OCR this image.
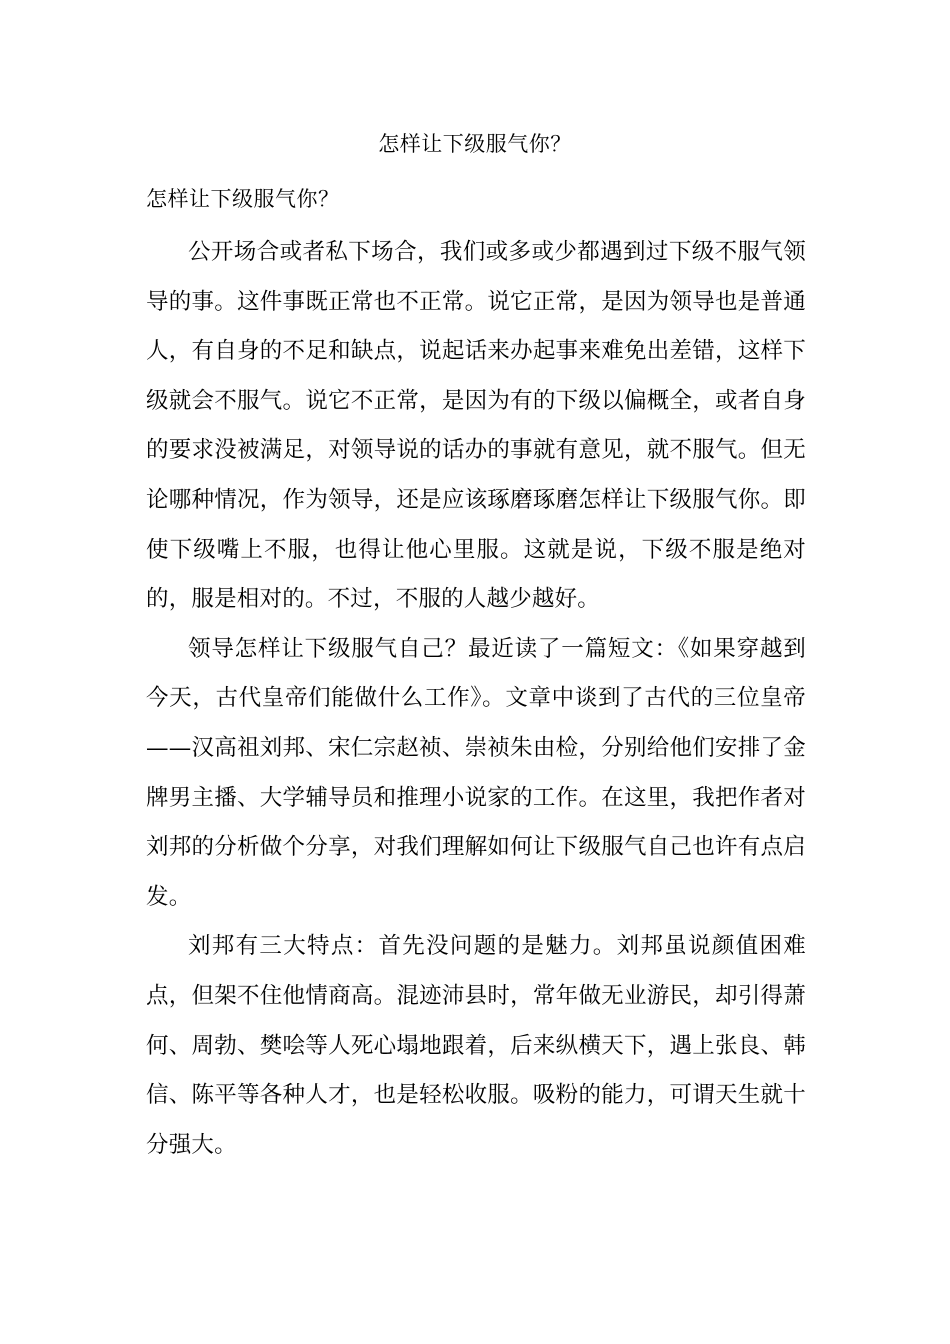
怎样让下级服气你？
怎样让下级服气你？

公开场合或者私下场合，我们或多或少都遇到过下级不服气领导的事。这件事既正常也不正常。说它正常，是因为领导也是普通人，有自身的不足和缺点，说起话来办起事来难免出差错，这样下级就会不服气。说它不正常，是因为有的下级以偏概全，或者自身的要求没被满足，对领导说的话办的事就有意见，就不服气。但无论哪种情况，作为领导，还是应该琢磨琢磨怎样让下级服气你。即使下级嘴上不服，也得让他心里服。这就是说，下级不服是绝对的，服是相对的。不过，不服的人越少越好。

领导怎样让下级服气自己？最近读了一篇短文：《如果穿越到今天，古代皇帝们能做什么工作》。文章中谈到了古代的三位皇帝——汉高祖刘邦、宋仁宗赵祯、崇祯朱由检，分别给他们安排了金牌男主播、大学辅导员和推理小说家的工作。在这里，我把作者对刘邦的分析做个分享，对我们理解如何让下级服气自己也许有点启发。

刘邦有三大特点：首先没问题的是魅力。刘邦虽说颜值困难点，但架不住他情商高。混迹沛县时，常年做无业游民，却引得萧何、周勃、樊哙等人死心塌地跟着，后来纵横天下，遇上张良、韩信、陈平等各种人才，也是轻松收服。吸粉的能力，可谓天生就十分强大。
